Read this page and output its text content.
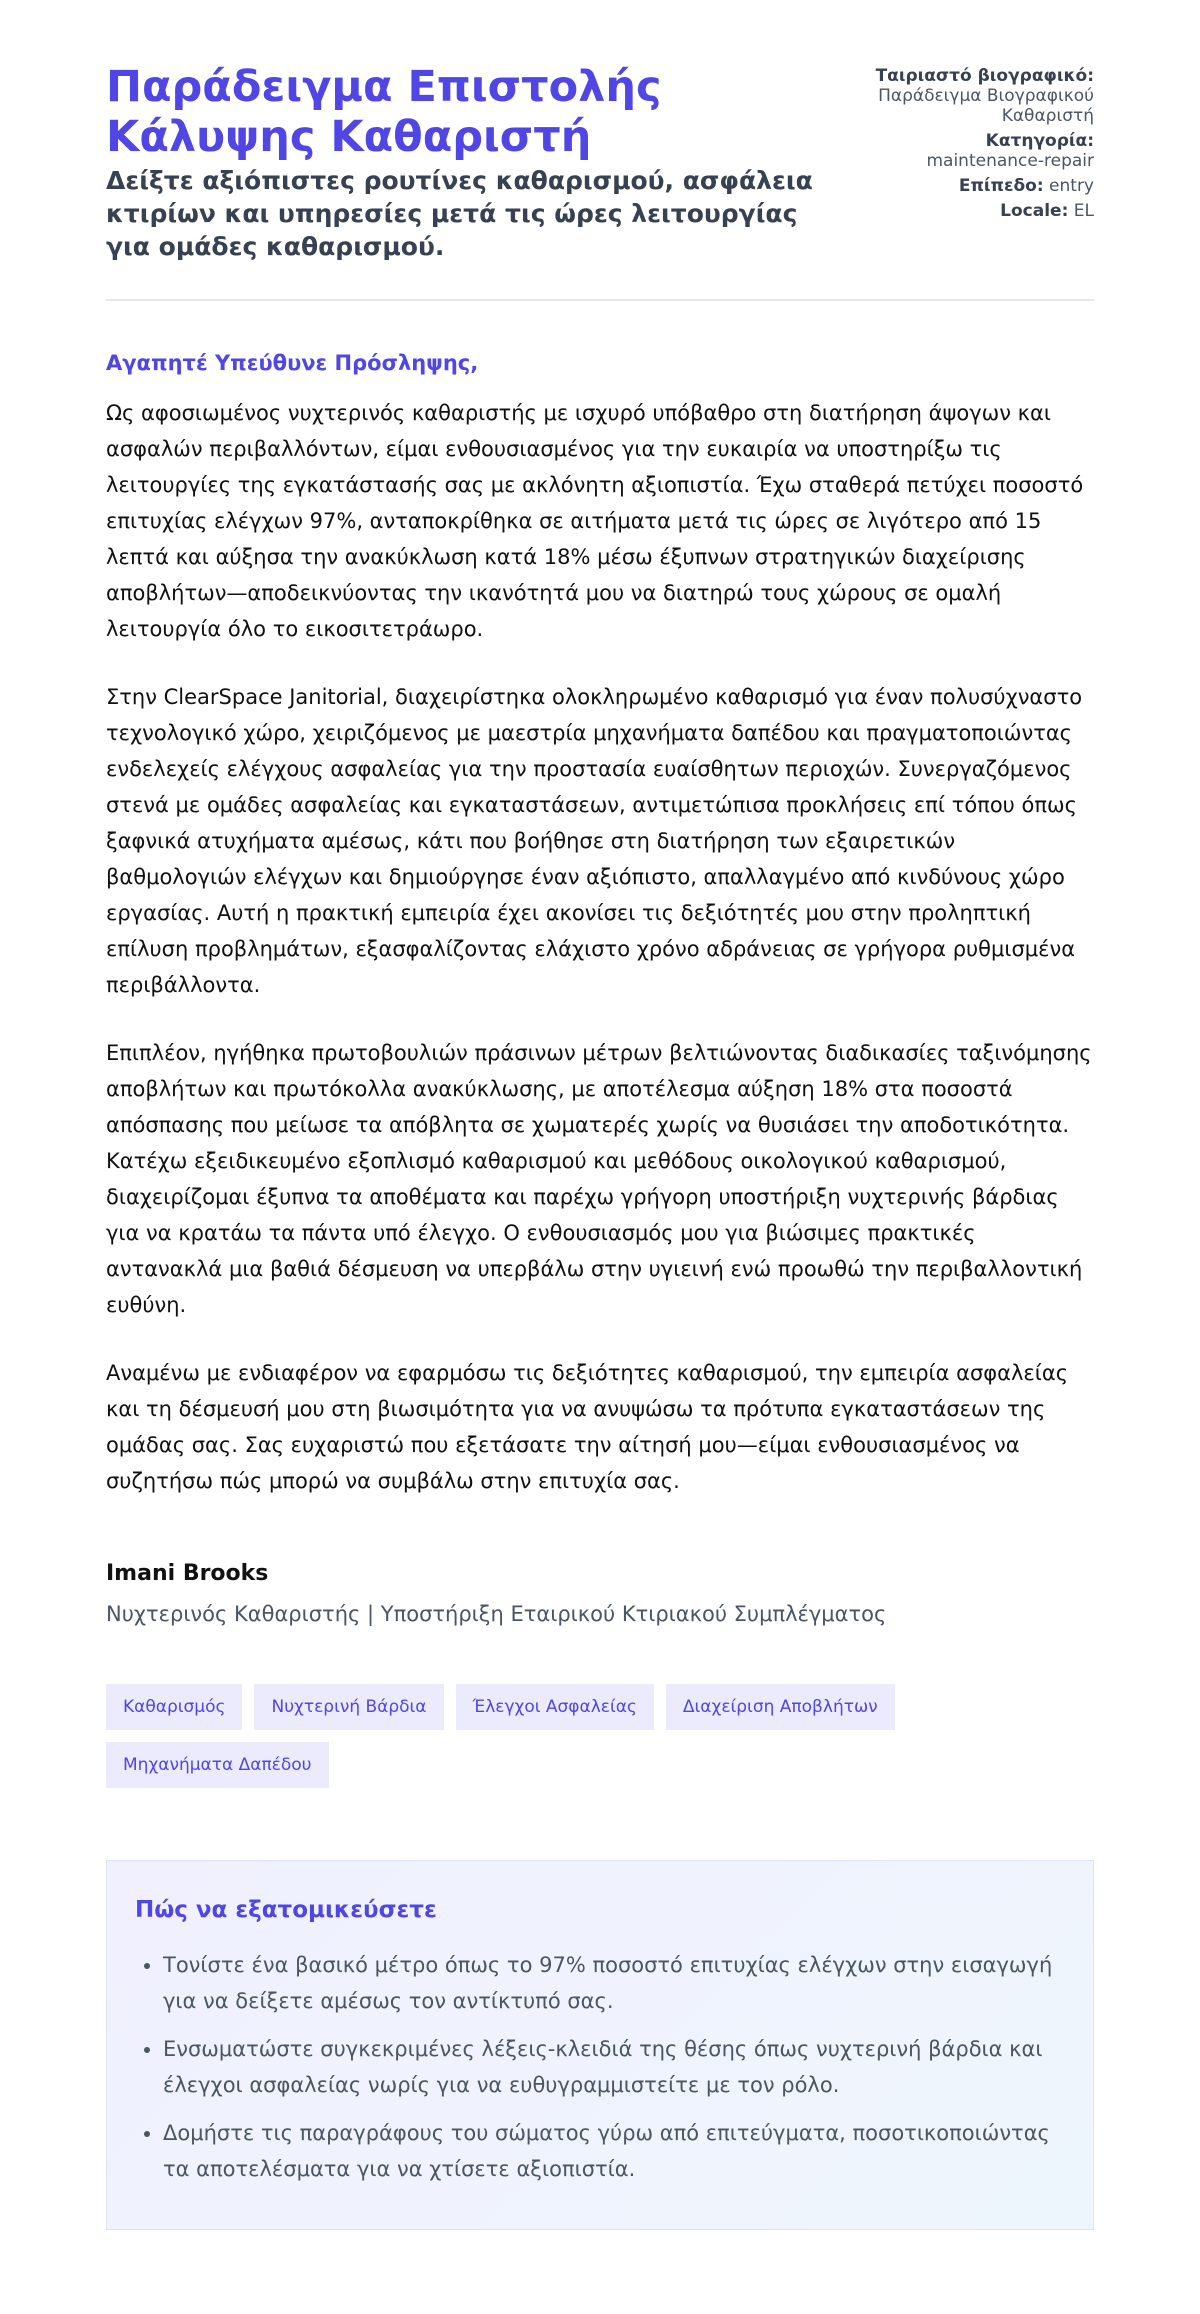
Παράδειγμα Επιστολής Κάλυψης Καθαριστή
Δείξτε αξιόπιστες ρουτίνες καθαρισμού, ασφάλεια κτιρίων και υπηρεσίες μετά τις ώρες λειτουργίας για ομάδες καθαρισμού.
Ταιριαστό βιογραφικό:
Παράδειγμα Βιογραφικού Καθαριστή
Κατηγορία:
maintenance-repair
Επίπεδο: entry
Locale: EL
Αγαπητέ Υπεύθυνε Πρόσληψης,

Ως αφοσιωμένος νυχτερινός καθαριστής με ισχυρό υπόβαθρο στη διατήρηση άψογων και ασφαλών περιβαλλόντων, είμαι ενθουσιασμένος για την ευκαιρία να υποστηρίξω τις λειτουργίες της εγκατάστασής σας με ακλόνητη αξιοπιστία. Έχω σταθερά πετύχει ποσοστό επιτυχίας ελέγχων 97%, ανταποκρίθηκα σε αιτήματα μετά τις ώρες σε λιγότερο από 15 λεπτά και αύξησα την ανακύκλωση κατά 18% μέσω έξυπνων στρατηγικών διαχείρισης αποβλήτων—αποδεικνύοντας την ικανότητά μου να διατηρώ τους χώρους σε ομαλή λειτουργία όλο το εικοσιτετράωρο.

Στην ClearSpace Janitorial, διαχειρίστηκα ολοκληρωμένο καθαρισμό για έναν πολυσύχναστο τεχνολογικό χώρο, χειριζόμενος με μαεστρία μηχανήματα δαπέδου και πραγματοποιώντας ενδελεχείς ελέγχους ασφαλείας για την προστασία ευαίσθητων περιοχών. Συνεργαζόμενος στενά με ομάδες ασφαλείας και εγκαταστάσεων, αντιμετώπισα προκλήσεις επί τόπου όπως ξαφνικά ατυχήματα αμέσως, κάτι που βοήθησε στη διατήρηση των εξαιρετικών βαθμολογιών ελέγχων και δημιούργησε έναν αξιόπιστο, απαλλαγμένο από κινδύνους χώρο εργασίας. Αυτή η πρακτική εμπειρία έχει ακονίσει τις δεξιότητές μου στην προληπτική επίλυση προβλημάτων, εξασφαλίζοντας ελάχιστο χρόνο αδράνειας σε γρήγορα ρυθμισμένα περιβάλλοντα.

Επιπλέον, ηγήθηκα πρωτοβουλιών πράσινων μέτρων βελτιώνοντας διαδικασίες ταξινόμησης αποβλήτων και πρωτόκολλα ανακύκλωσης, με αποτέλεσμα αύξηση 18% στα ποσοστά απόσπασης που μείωσε τα απόβλητα σε χωματερές χωρίς να θυσιάσει την αποδοτικότητα. Κατέχω εξειδικευμένο εξοπλισμό καθαρισμού και μεθόδους οικολογικού καθαρισμού, διαχειρίζομαι έξυπνα τα αποθέματα και παρέχω γρήγορη υποστήριξη νυχτερινής βάρδιας για να κρατάω τα πάντα υπό έλεγχο. Ο ενθουσιασμός μου για βιώσιμες πρακτικές αντανακλά μια βαθιά δέσμευση να υπερβάλω στην υγιεινή ενώ προωθώ την περιβαλλοντική ευθύνη.

Αναμένω με ενδιαφέρον να εφαρμόσω τις δεξιότητες καθαρισμού, την εμπειρία ασφαλείας και τη δέσμευσή μου στη βιωσιμότητα για να ανυψώσω τα πρότυπα εγκαταστάσεων της ομάδας σας. Σας ευχαριστώ που εξετάσατε την αίτησή μου—είμαι ενθουσιασμένος να συζητήσω πώς μπορώ να συμβάλω στην επιτυχία σας.

Imani Brooks
Νυχτερινός Καθαριστής | Υποστήριξη Εταιρικού Κτιριακού Συμπλέγματος
Καθαρισμός	Νυχτερινή Βάρδια	Έλεγχοι Ασφαλείας	Διαχείριση Αποβλήτων
Μηχανήματα Δαπέδου
Πώς να εξατομικεύσετε
• Τονίστε ένα βασικό μέτρο όπως το 97% ποσοστό επιτυχίας ελέγχων στην εισαγωγή για να δείξετε αμέσως τον αντίκτυπό σας.
• Ενσωματώστε συγκεκριμένες λέξεις-κλειδιά της θέσης όπως νυχτερινή βάρδια και έλεγχοι ασφαλείας νωρίς για να ευθυγραμμιστείτε με τον ρόλο.
• Δομήστε τις παραγράφους του σώματος γύρω από επιτεύγματα, ποσοτικοποιώντας τα αποτελέσματα για να χτίσετε αξιοπιστία.
